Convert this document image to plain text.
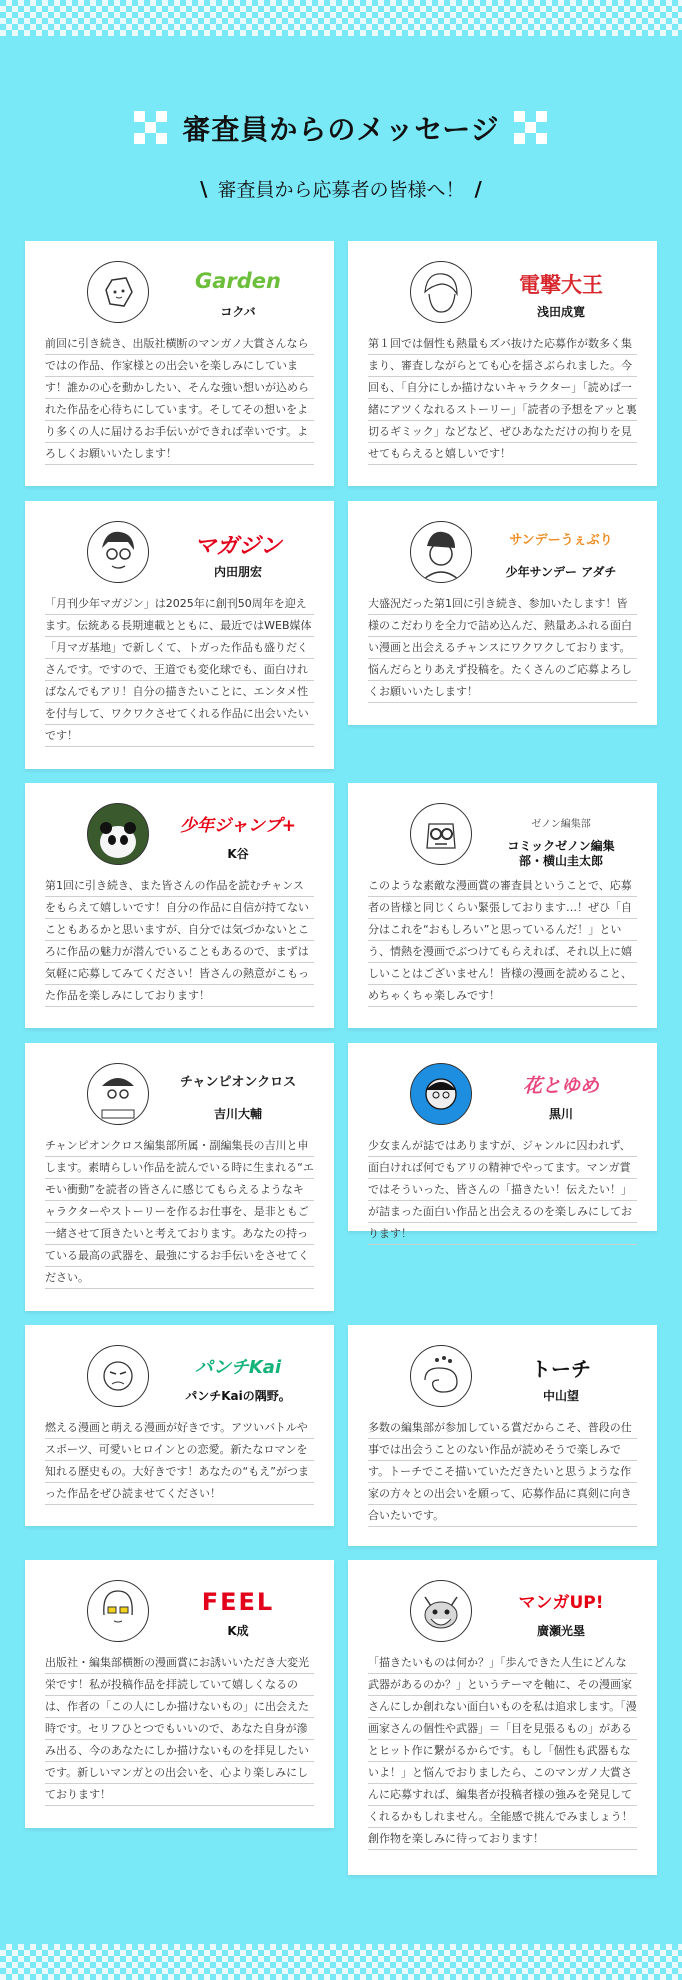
審査員からのメッセージ

\ 審査員から応募者の皆様へ！ /
Garden
コクバ
前回に引き続き、出版社横断のマンガノ大賞さんならではの作品、作家様との出会いを楽しみにしています！誰かの心を動かしたい、そんな強い想いが込められた作品を心待ちにしています。そしてその想いをより多くの人に届けるお手伝いができれば幸いです。よろしくお願いいたします！
電撃大王
浅田成寛
第１回では個性も熱量もズバ抜けた応募作が数多く集まり、審査しながらとても心を揺さぶられました。今回も、「自分にしか描けないキャラクター」「読めば一緒にアツくなれるストーリー」「読者の予想をアッと裏切るギミック」などなど、ぜひあなただけの拘りを見せてもらえると嬉しいです！
マガジン
内田朋宏
「月刊少年マガジン」は2025年に創刊50周年を迎えます。伝統ある長期連載とともに、最近ではWEB媒体「月マガ基地」で新しくて、トガった作品も盛りだくさんです。ですので、王道でも変化球でも、面白ければなんでもアリ！自分の描きたいことに、エンタメ性を付与して、ワクワクさせてくれる作品に出会いたいです！
サンデーうぇぶり
少年サンデー アダチ
大盛況だった第1回に引き続き、参加いたします！皆様のこだわりを全力で詰め込んだ、熱量あふれる面白い漫画と出会えるチャンスにワクワクしております。悩んだらとりあえず投稿を。たくさんのご応募よろしくお願いいたします！
少年ジャンプ+
K谷
第1回に引き続き、また皆さんの作品を読むチャンスをもらえて嬉しいです！自分の作品に自信が持てないこともあるかと思いますが、自分では気づかないところに作品の魅力が潜んでいることもあるので、まずは気軽に応募してみてください！皆さんの熱意がこもった作品を楽しみにしております！
ゼノン編集部
コミックゼノン編集部・横山圭太郎
このような素敵な漫画賞の審査員ということで、応募者の皆様と同じくらい緊張しております…！ぜひ「自分はこれを“おもしろい”と思っているんだ！」という、情熱を漫画でぶつけてもらえれば、それ以上に嬉しいことはございません！皆様の漫画を読めること、めちゃくちゃ楽しみです！
チャンピオンクロス
吉川大輔
チャンピオンクロス編集部所属・副編集長の吉川と申します。素晴らしい作品を読んでいる時に生まれる“エモい衝動”を読者の皆さんに感じてもらえるようなキャラクターやストーリーを作るお仕事を、是非ともご一緒させて頂きたいと考えております。あなたの持っている最高の武器を、最強にするお手伝いをさせてください。
花とゆめ
黒川
少女まんが誌ではありますが、ジャンルに囚われず、面白ければ何でもアリの精神でやってます。マンガ賞ではそういった、皆さんの「描きたい！伝えたい！」が詰まった面白い作品と出会えるのを楽しみにしております！
パンチKai
パンチKaiの隅野。
燃える漫画と萌える漫画が好きです。アツいバトルやスポーツ、可愛いヒロインとの恋愛。新たなロマンを知れる歴史もの。大好きです！あなたの“もえ”がつまった作品をぜひ読ませてください！
トーチ
中山望
多数の編集部が参加している賞だからこそ、普段の仕事では出会うことのない作品が読めそうで楽しみです。トーチでこそ描いていただきたいと思うような作家の方々との出会いを願って、応募作品に真剣に向き合いたいです。
FEEL
K成
出版社・編集部横断の漫画賞にお誘いいただき大変光栄です！私が投稿作品を拝読していて嬉しくなるのは、作者の「この人にしか描けないもの」に出会えた時です。セリフひとつでもいいので、あなた自身が滲み出る、今のあなたにしか描けないものを拝見したいです。新しいマンガとの出会いを、心より楽しみにしております！
マンガUP!
廣瀬光塁
「描きたいものは何か？」「歩んできた人生にどんな武器があるのか？」というテーマを軸に、その漫画家さんにしか創れない面白いものを私は追求します。「漫画家さんの個性や武器」＝「目を見張るもの」があるとヒット作に繋がるからです。もし「個性も武器もないよ！」と悩んでおりましたら、このマンガノ大賞さんに応募すれば、編集者が投稿者様の強みを発見してくれるかもしれません。全能感で挑んでみましょう！創作物を楽しみに待っております！
